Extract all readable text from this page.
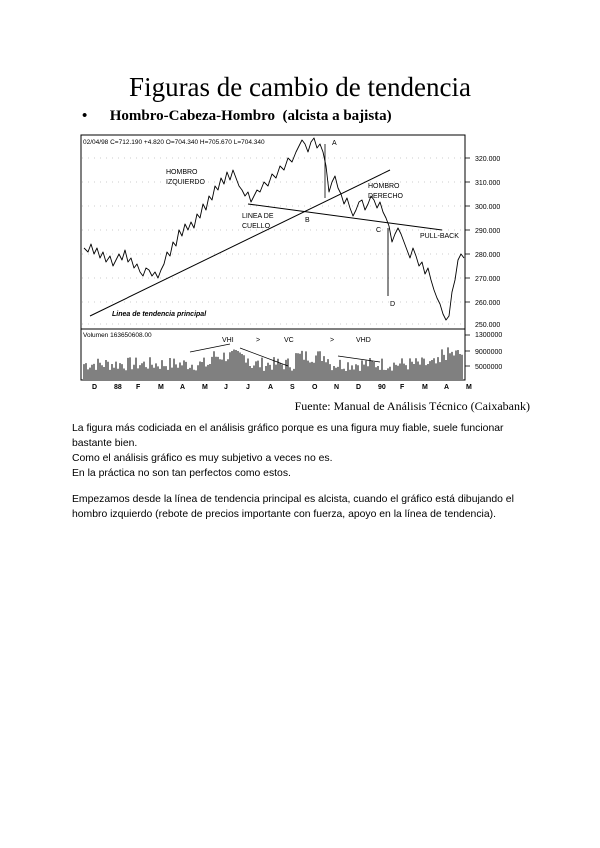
Figuras de cambio de tendencia
• Hombro-Cabeza-Hombro (alcista a bajista)
02/04/98 C=712.190 +4.820 O=704.340 H=705.670 L=704.340
320.000
310.000
300.000
290.000
280.000
270.000
260.000
250.000
1300000
9000000
5000000
A
B
C
D
HOMBRO
IZQUIERDO
HOMBRO
DERECHO
LINEA DE
CUELLO
PULL-BACK
Linea de tendencia principal
Volumen 163650608.00
VHI	>	VC	>	VHD
D 88 F	M A M J	J	A S O N D 90 F	M A M
Fuente: Manual de Análisis Técnico (Caixabank)

La figura más codiciada en el análisis gráfico porque es una figura muy fiable, suele funcionar bastante bien.

Como el análisis gráfico es muy subjetivo a veces no es.

En la práctica no son tan perfectos como estos.

Empezamos desde la línea de tendencia principal es alcista, cuando el gráfico está dibujando el hombro izquierdo (rebote de precios importante con fuerza, apoyo en la línea de tendencia).
